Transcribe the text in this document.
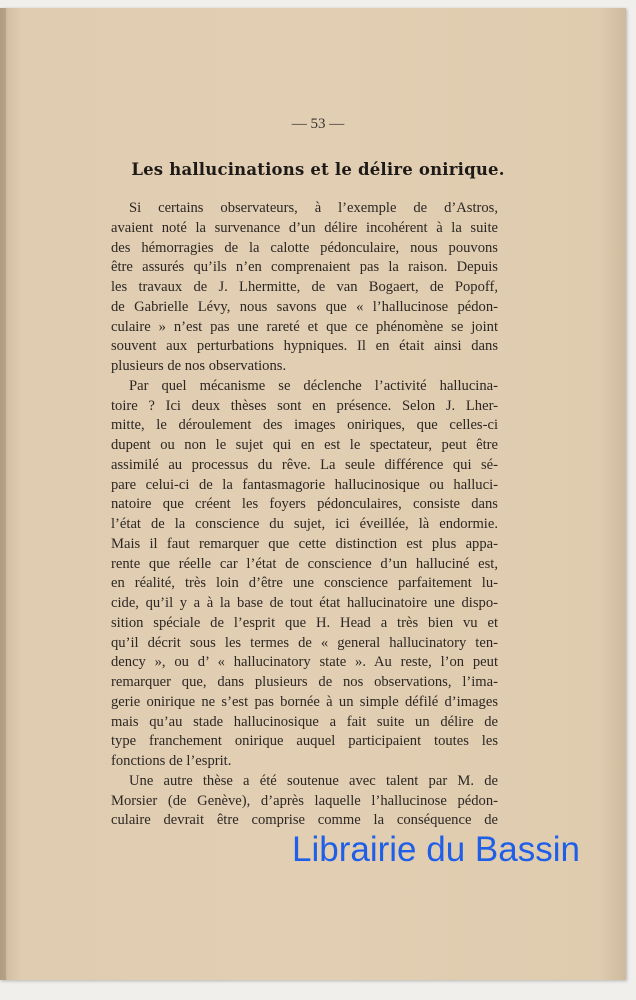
— 53 —
Les hallucinations et le délire onirique.
Si certains observateurs, à l’exemple de d’Astros,
avaient noté la survenance d’un délire incohérent à la suite
des hémorragies de la calotte pédonculaire, nous pouvons
être assurés qu’ils n’en comprenaient pas la raison. Depuis
les travaux de J. Lhermitte, de van Bogaert, de Popoff,
de Gabrielle Lévy, nous savons que « l’hallucinose pédon-
culaire » n’est pas une rareté et que ce phénomène se joint
souvent aux perturbations hypniques. Il en était ainsi dans
plusieurs de nos observations.
Par quel mécanisme se déclenche l’activité hallucina-
toire ? Ici deux thèses sont en présence. Selon J. Lher-
mitte, le déroulement des images oniriques, que celles-ci
dupent ou non le sujet qui en est le spectateur, peut être
assimilé au processus du rêve. La seule différence qui sé-
pare celui-ci de la fantasmagorie hallucinosique ou halluci-
natoire que créent les foyers pédonculaires, consiste dans
l’état de la conscience du sujet, ici éveillée, là endormie.
Mais il faut remarquer que cette distinction est plus appa-
rente que réelle car l’état de conscience d’un halluciné est,
en réalité, très loin d’être une conscience parfaitement lu-
cide, qu’il y a à la base de tout état hallucinatoire une dispo-
sition spéciale de l’esprit que H. Head a très bien vu et
qu’il décrit sous les termes de « general hallucinatory ten-
dency », ou d’ « hallucinatory state ». Au reste, l’on peut
remarquer que, dans plusieurs de nos observations, l’ima-
gerie onirique ne s’est pas bornée à un simple défilé d’images
mais qu’au stade hallucinosique a fait suite un délire de
type franchement onirique auquel participaient toutes les
fonctions de l’esprit.
Une autre thèse a été soutenue avec talent par M. de
Morsier (de Genève), d’après laquelle l’hallucinose pédon-
culaire devrait être comprise comme la conséquence de
Librairie du Bassin
